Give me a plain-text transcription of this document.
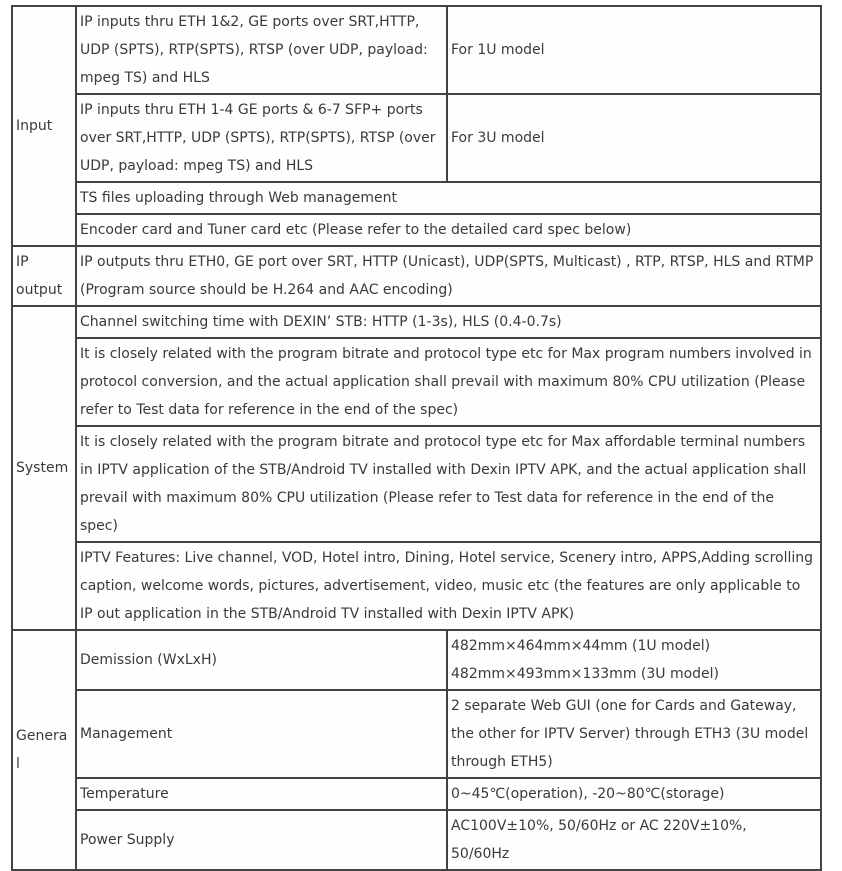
Input	IP inputs thru ETH 1&2, GE ports over SRT,HTTP, UDP (SPTS), RTP(SPTS), RTSP (over UDP, payload: mpeg TS) and HLS	For 1U model
	IP inputs thru ETH 1-4 GE ports & 6-7 SFP+ ports over SRT,HTTP, UDP (SPTS), RTP(SPTS), RTSP (over UDP, payload: mpeg TS) and HLS	For 3U model
	TS files uploading through Web management	
	Encoder card and Tuner card etc (Please refer to the detailed card spec below)	
IP output	IP outputs thru ETH0, GE port over SRT, HTTP (Unicast), UDP(SPTS, Multicast) , RTP, RTSP, HLS and RTMP (Program source should be H.264 and AAC encoding)	
System	Channel switching time with DEXIN’ STB: HTTP (1-3s), HLS (0.4-0.7s)	
	It is closely related with the program bitrate and protocol type etc for Max program numbers involved in protocol conversion, and the actual application shall prevail with maximum 80% CPU utilization (Please refer to Test data for reference in the end of the spec)	
	It is closely related with the program bitrate and protocol type etc for Max affordable terminal numbers in IPTV application of the STB/Android TV installed with Dexin IPTV APK, and the actual application shall prevail with maximum 80% CPU utilization (Please refer to Test data for reference in the end of the spec)	
	IPTV Features: Live channel, VOD, Hotel intro, Dining, Hotel service, Scenery intro, APPS,Adding scrolling caption, welcome words, pictures, advertisement, video, music etc (the features are only applicable to IP out application in the STB/Android TV installed with Dexin IPTV APK)	
General	Demission (WxLxH)	482mm×464mm×44mm (1U model)
482mm×493mm×133mm (3U model)

	Management	2 separate Web GUI (one for Cards and Gateway, the other for IPTV Server) through ETH3 (3U model through ETH5)

	Temperature	0~45℃(operation), -20~80℃(storage)

	Power Supply	AC100V±10%, 50/60Hz or AC 220V±10%,
50/60Hz
